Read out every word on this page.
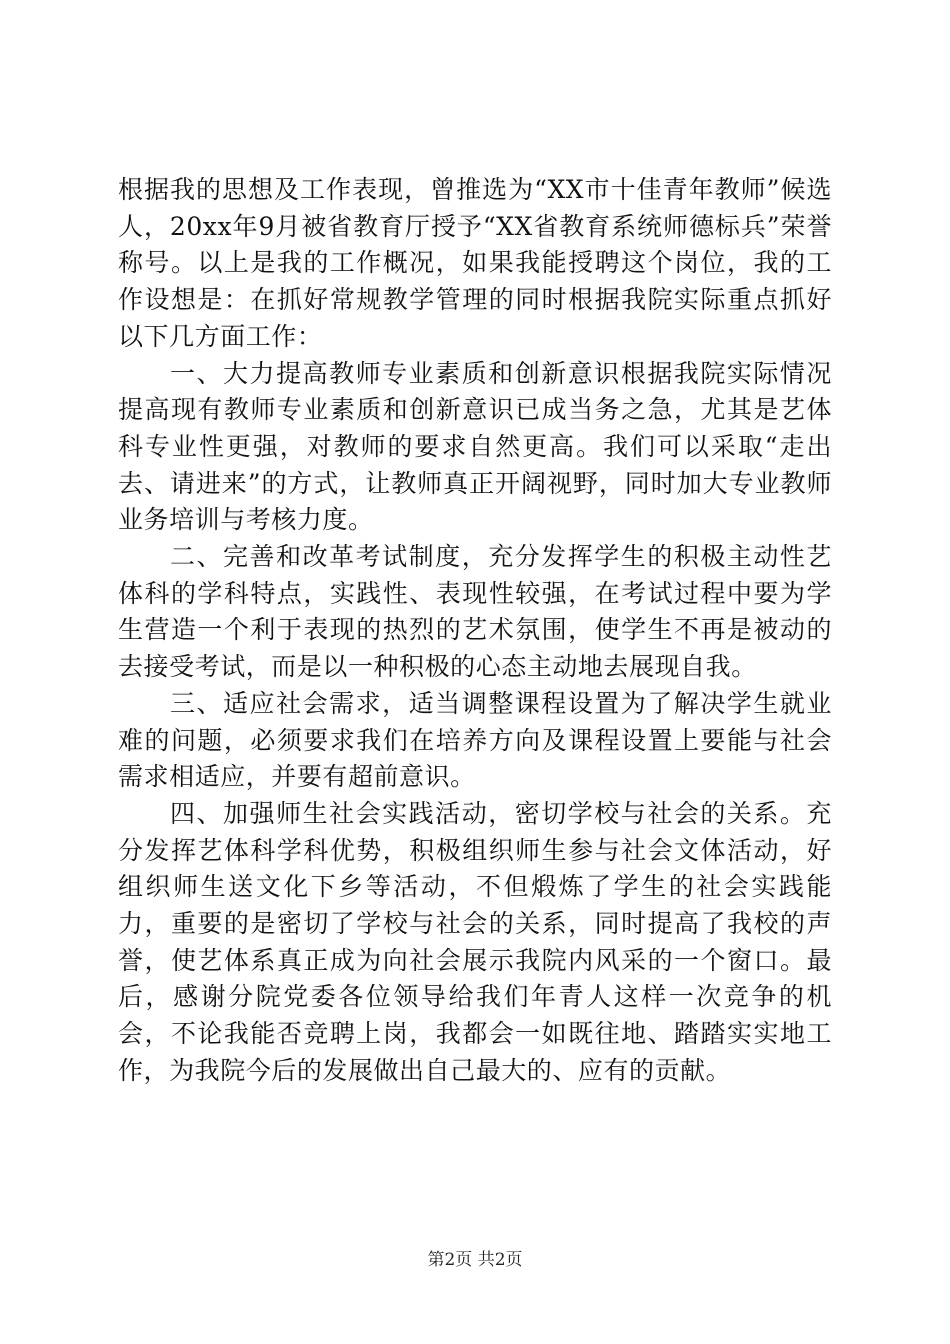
根据我的思想及工作表现，曾推选为“XX市十佳青年教师”候选人，20xx年9月被省教育厅授予“XX省教育系统师德标兵”荣誉称号。以上是我的工作概况，如果我能授聘这个岗位，我的工作设想是：在抓好常规教学管理的同时根据我院实际重点抓好以下几方面工作：

一、大力提高教师专业素质和创新意识根据我院实际情况提高现有教师专业素质和创新意识已成当务之急，尤其是艺体科专业性更强，对教师的要求自然更高。我们可以采取“走出去、请进来”的方式，让教师真正开阔视野，同时加大专业教师业务培训与考核力度。

二、完善和改革考试制度，充分发挥学生的积极主动性艺体科的学科特点，实践性、表现性较强，在考试过程中要为学生营造一个利于表现的热烈的艺术氛围，使学生不再是被动的去接受考试，而是以一种积极的心态主动地去展现自我。

三、适应社会需求，适当调整课程设置为了解决学生就业难的问题，必须要求我们在培养方向及课程设置上要能与社会需求相适应，并要有超前意识。

四、加强师生社会实践活动，密切学校与社会的关系。充分发挥艺体科学科优势，积极组织师生参与社会文体活动，好组织师生送文化下乡等活动，不但煅炼了学生的社会实践能力，重要的是密切了学校与社会的关系，同时提高了我校的声誉，使艺体系真正成为向社会展示我院内风采的一个窗口。最后，感谢分院党委各位领导给我们年青人这样一次竞争的机会，不论我能否竞聘上岗，我都会一如既往地、踏踏实实地工作，为我院今后的发展做出自己最大的、应有的贡献。

第2页 共2页
